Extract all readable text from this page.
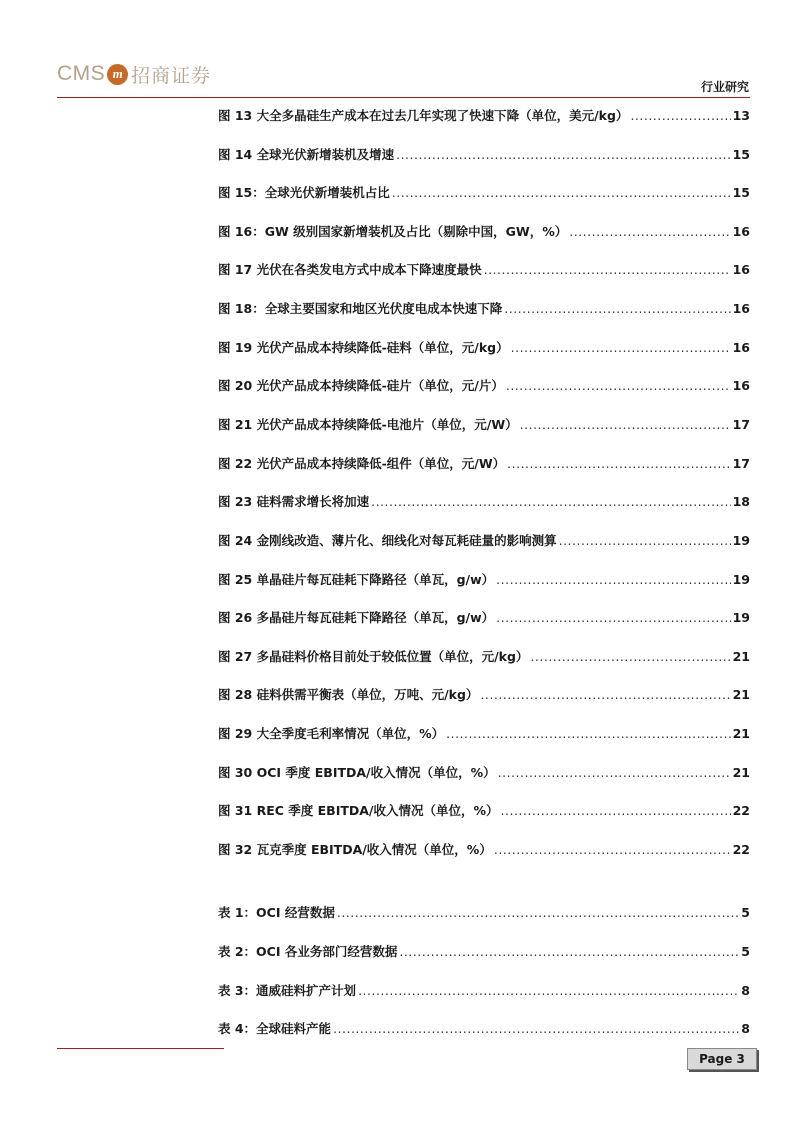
CMS m 招商证券
行业研究
图 13 大全多晶硅生产成本在过去几年实现了快速下降（单位，美元/kg） .....	13
图 14 全球光伏新增装机及增速 .....	15
图 15：全球光伏新增装机占比 .....	15
图 16：GW 级别国家新增装机及占比（剔除中国，GW，%） .....	16
图 17 光伏在各类发电方式中成本下降速度最快 .....	16
图 18：全球主要国家和地区光伏度电成本快速下降 .....	16
图 19 光伏产品成本持续降低-硅料（单位，元/kg） .....	16
图 20 光伏产品成本持续降低-硅片（单位，元/片） .....	16
图 21 光伏产品成本持续降低-电池片（单位，元/W） .....	17
图 22 光伏产品成本持续降低-组件（单位，元/W） .....	17
图 23 硅料需求增长将加速 .....	18
图 24 金刚线改造、薄片化、细线化对每瓦耗硅量的影响测算 .....	19
图 25 单晶硅片每瓦硅耗下降路径（单瓦，g/w） .....	19
图 26 多晶硅片每瓦硅耗下降路径（单瓦，g/w） .....	19
图 27 多晶硅料价格目前处于较低位置（单位，元/kg） .....	21
图 28 硅料供需平衡表（单位，万吨、元/kg） .....	21
图 29 大全季度毛利率情况（单位，%） .....	21
图 30 OCI 季度 EBITDA/收入情况（单位，%） .....	21
图 31 REC 季度 EBITDA/收入情况（单位，%） .....	22
图 32 瓦克季度 EBITDA/收入情况（单位，%） .....	22
表 1：OCI 经营数据 .....	5
表 2：OCI 各业务部门经营数据 .....	5
表 3：通威硅料扩产计划 .....	8
表 4：全球硅料产能 .....	8
Page 3
